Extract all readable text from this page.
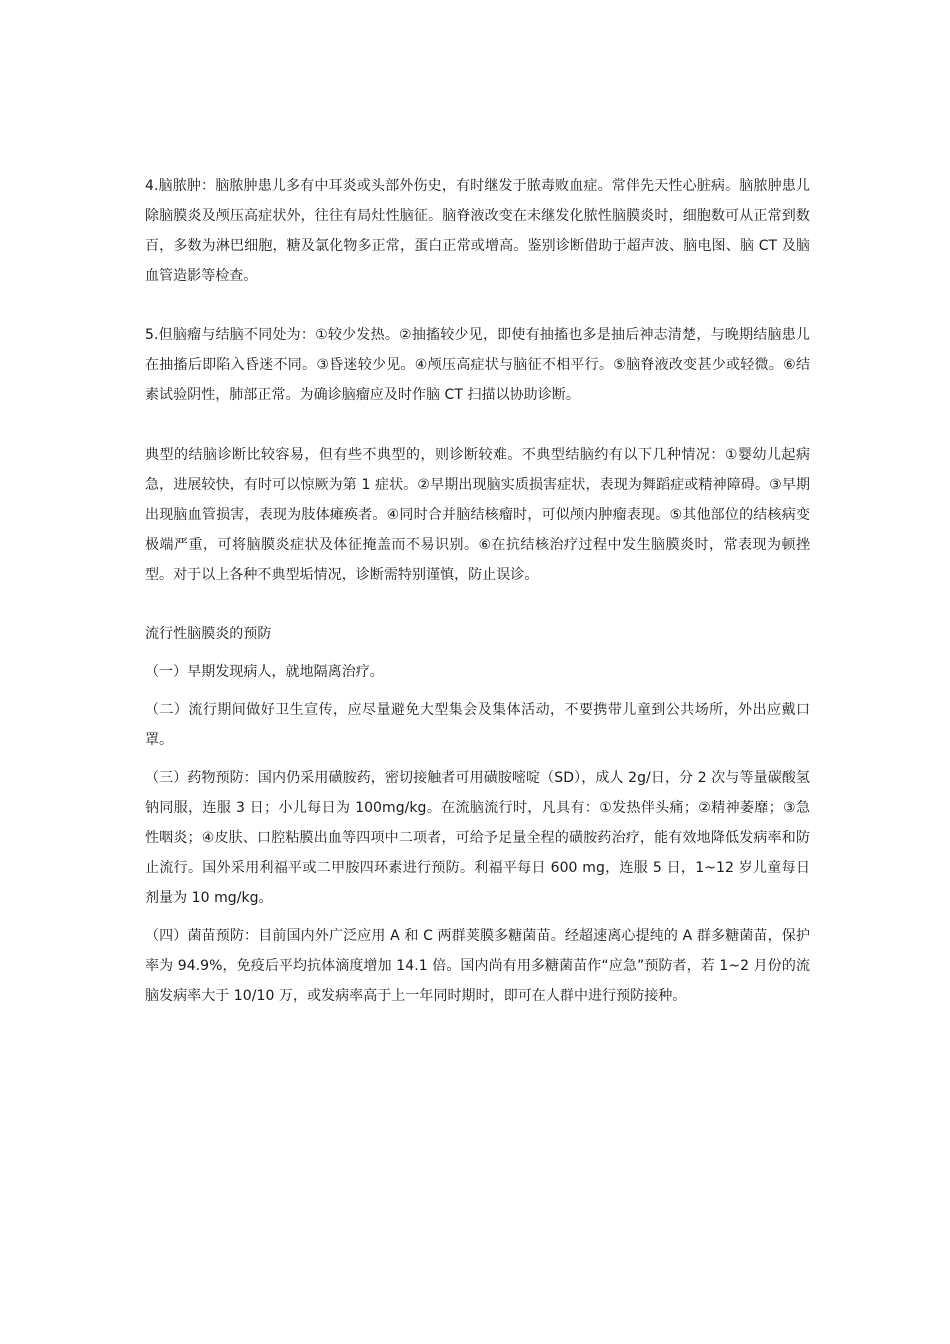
4.脑脓肿：脑脓肿患儿多有中耳炎或头部外伤史，有时继发于脓毒败血症。常伴先天性心脏病。脑脓肿患儿除脑膜炎及颅压高症状外，往往有局灶性脑征。脑脊液改变在未继发化脓性脑膜炎时，细胞数可从正常到数百，多数为淋巴细胞，糖及氯化物多正常，蛋白正常或增高。鉴别诊断借助于超声波、脑电图、脑 CT 及脑血管造影等检查。

5.但脑瘤与结脑不同处为：①较少发热。②抽搐较少见，即使有抽搐也多是抽后神志清楚，与晚期结脑患儿在抽搐后即陷入昏迷不同。③昏迷较少见。④颅压高症状与脑征不相平行。⑤脑脊液改变甚少或轻微。⑥结素试验阴性，肺部正常。为确诊脑瘤应及时作脑 CT 扫描以协助诊断。

典型的结脑诊断比较容易，但有些不典型的，则诊断较难。不典型结脑约有以下几种情况：①婴幼儿起病急，进展较快，有时可以惊厥为第 1 症状。②早期出现脑实质损害症状，表现为舞蹈症或精神障碍。③早期出现脑血管损害，表现为肢体瘫痪者。④同时合并脑结核瘤时，可似颅内肿瘤表现。⑤其他部位的结核病变极端严重，可将脑膜炎症状及体征掩盖而不易识别。⑥在抗结核治疗过程中发生脑膜炎时，常表现为顿挫型。对于以上各种不典型垢情况，诊断需特别谨慎，防止误诊。

流行性脑膜炎的预防

（一）早期发现病人，就地隔离治疗。

（二）流行期间做好卫生宣传，应尽量避免大型集会及集体活动，不要携带儿童到公共场所，外出应戴口罩。

（三）药物预防：国内仍采用磺胺药，密切接触者可用磺胺嘧啶（SD），成人 2g/日，分 2 次与等量碳酸氢钠同服，连服 3 日；小儿每日为 100mg/kg。在流脑流行时，凡具有：①发热伴头痛；②精神萎靡；③急性咽炎；④皮肤、口腔粘膜出血等四项中二项者，可给予足量全程的磺胺药治疗，能有效地降低发病率和防止流行。国外采用利福平或二甲胺四环素进行预防。利福平每日 600 mg，连服 5 日，1~12 岁儿童每日剂量为 10 mg/kg。

（四）菌苗预防：目前国内外广泛应用 A 和 C 两群荚膜多糖菌苗。经超速离心提纯的 A 群多糖菌苗，保护率为 94.9%，免疫后平均抗体滴度增加 14.1 倍。国内尚有用多糖菌苗作“应急”预防者，若 1~2 月份的流脑发病率大于 10/10 万，或发病率高于上一年同时期时，即可在人群中进行预防接种。
